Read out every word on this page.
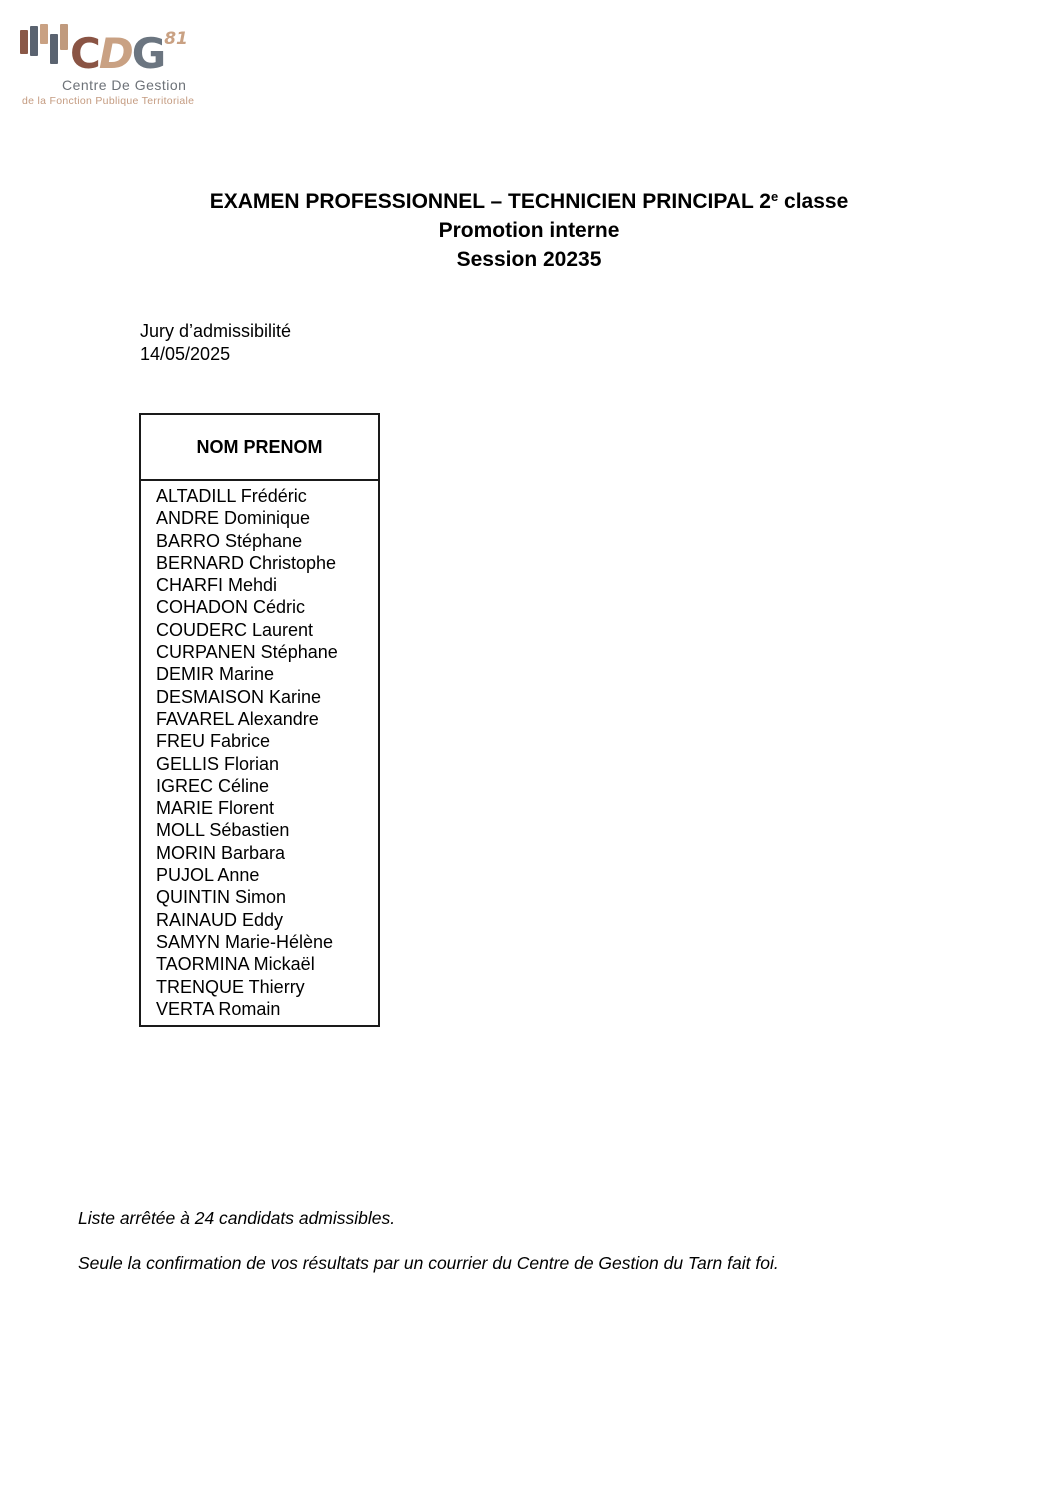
CDG$^{81}$
Centre De Gestion
de la Fonction Publique Territoriale
EXAMEN PROFESSIONNEL – TECHNICIEN PRINCIPAL 2e classe
Promotion interne
Session 20235
Jury d’admissibilité
14/05/2025
NOM PRENOM
ALTADILL Frédéric
ANDRE Dominique
BARRO Stéphane
BERNARD Christophe
CHARFI Mehdi
COHADON Cédric
COUDERC Laurent
CURPANEN Stéphane
DEMIR Marine
DESMAISON Karine
FAVAREL Alexandre
FREU Fabrice
GELLIS Florian
IGREC Céline
MARIE Florent
MOLL Sébastien
MORIN Barbara
PUJOL Anne
QUINTIN Simon
RAINAUD Eddy
SAMYN Marie-Hélène
TAORMINA Mickaël
TRENQUE Thierry
VERTA Romain
Liste arrêtée à 24 candidats admissibles.
Seule la confirmation de vos résultats par un courrier du Centre de Gestion du Tarn fait foi.
